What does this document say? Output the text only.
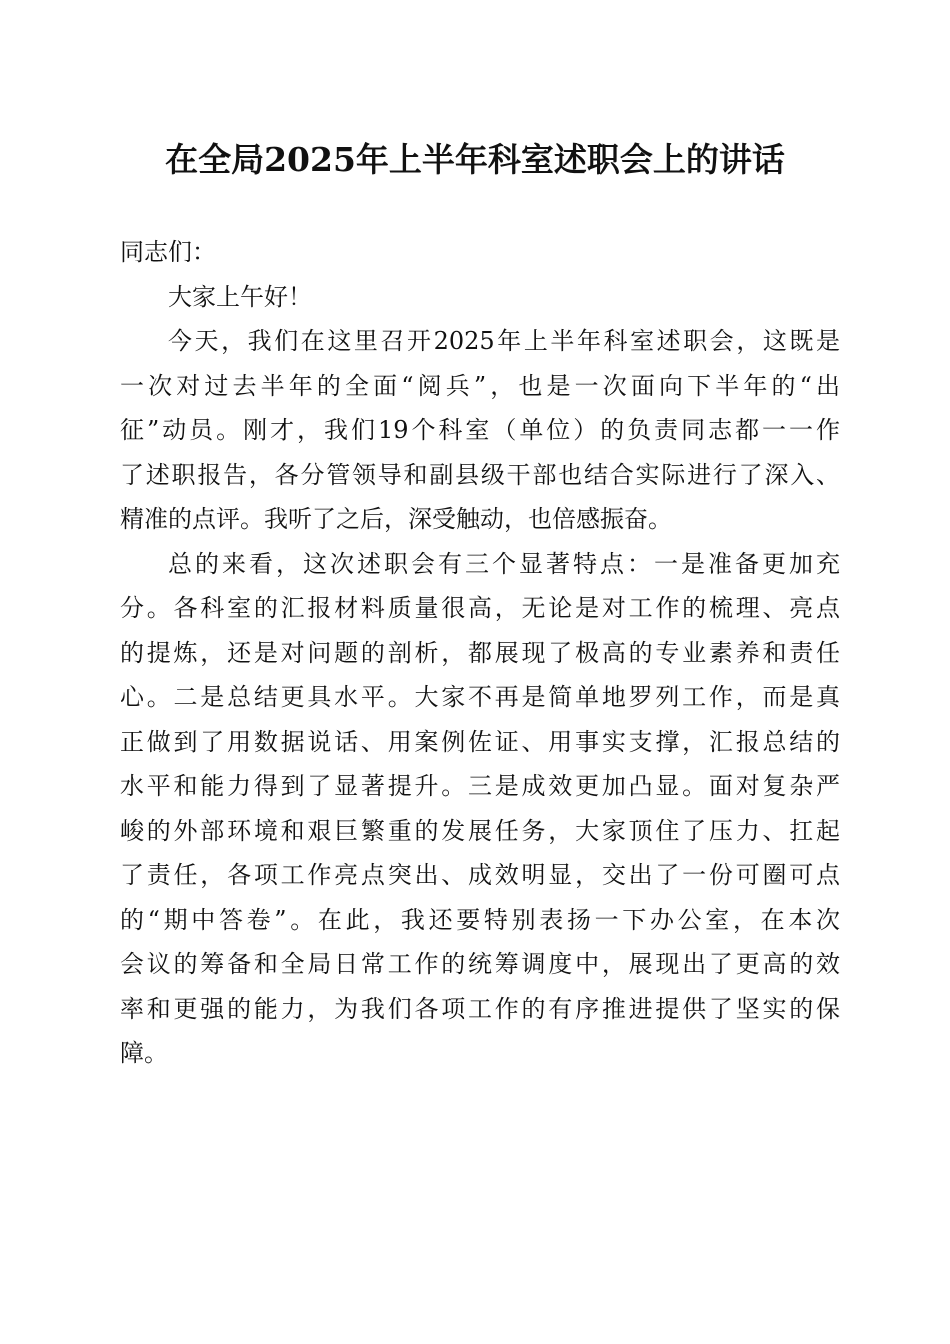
在全局2025年上半年科室述职会上的讲话

同志们：

大家上午好！

今天，我们在这里召开2025年上半年科室述职会，这既是
一次对过去半年的全面“阅兵”，也是一次面向下半年的“出
征”动员。刚才，我们19个科室（单位）的负责同志都一一作
了述职报告，各分管领导和副县级干部也结合实际进行了深入、
精准的点评。我听了之后，深受触动，也倍感振奋。
总的来看，这次述职会有三个显著特点：一是准备更加充
分。各科室的汇报材料质量很高，无论是对工作的梳理、亮点
的提炼，还是对问题的剖析，都展现了极高的专业素养和责任
心。二是总结更具水平。大家不再是简单地罗列工作，而是真
正做到了用数据说话、用案例佐证、用事实支撑，汇报总结的
水平和能力得到了显著提升。三是成效更加凸显。面对复杂严
峻的外部环境和艰巨繁重的发展任务，大家顶住了压力、扛起
了责任，各项工作亮点突出、成效明显，交出了一份可圈可点
的“期中答卷”。在此，我还要特别表扬一下办公室，在本次
会议的筹备和全局日常工作的统筹调度中，展现出了更高的效
率和更强的能力，为我们各项工作的有序推进提供了坚实的保
障。
